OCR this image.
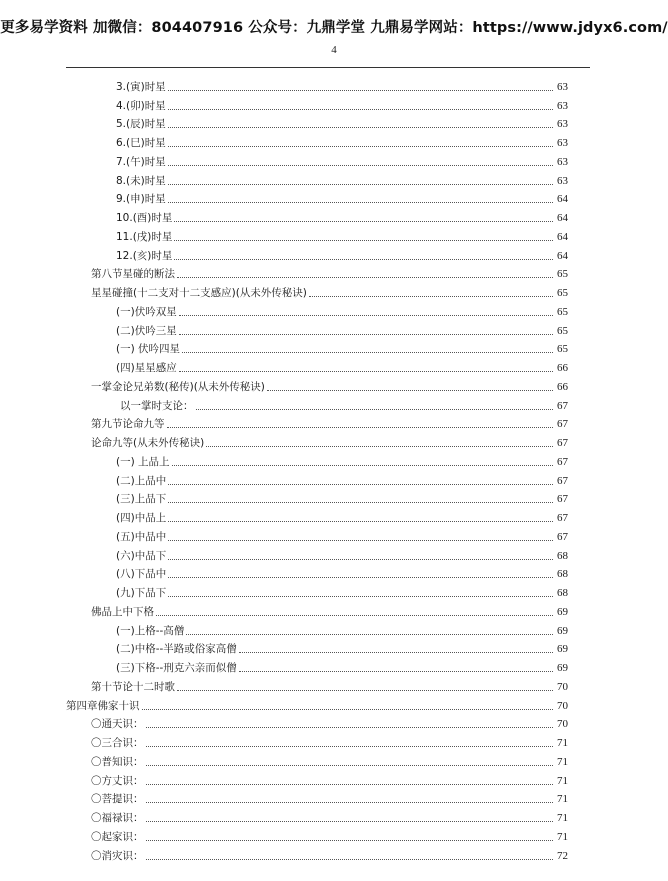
更多易学资料 加微信：804407916 公众号：九鼎学堂 九鼎易学网站：https://www.jdyx6.com/
4
3.(寅)时星	63
4.(卯)时星	63
5.(辰)时星	63
6.(巳)时星	63
7.(午)时星	63
8.(未)时星	63
9.(申)时星	64
10.(酉)时星	64
11.(戌)时星	64
12.(亥)时星	64
第八节星碰的断法	65
星星碰撞(十二支对十二支感应)(从未外传秘诀)	65
(一)伏吟双星	65
(二)伏吟三星	65
(一) 伏吟四星	65
(四)星星感应	66
一掌金论兄弟数(秘传)(从未外传秘诀)	66
以一掌时支论：	67
第九节论命九等	67
论命九等(从未外传秘诀)	67
(一) 上品上	67
(二)上品中	67
(三)上品下	67
(四)中品上	67
(五)中品中	67
(六)中品下	68
(八)下品中	68
(九)下品下	68
佛品上中下格	69
(一)上格--高僧	69
(二)中格--半路或俗家高僧	69
(三)下格--刑克六亲而似僧	69
第十节论十二时歌	70
第四章佛家十识	70
〇通天识：	70
〇三合识：	71
〇普知识：	71
〇方丈识：	71
〇菩提识：	71
〇福禄识：	71
〇起家识：	71
〇消灾识：	72
